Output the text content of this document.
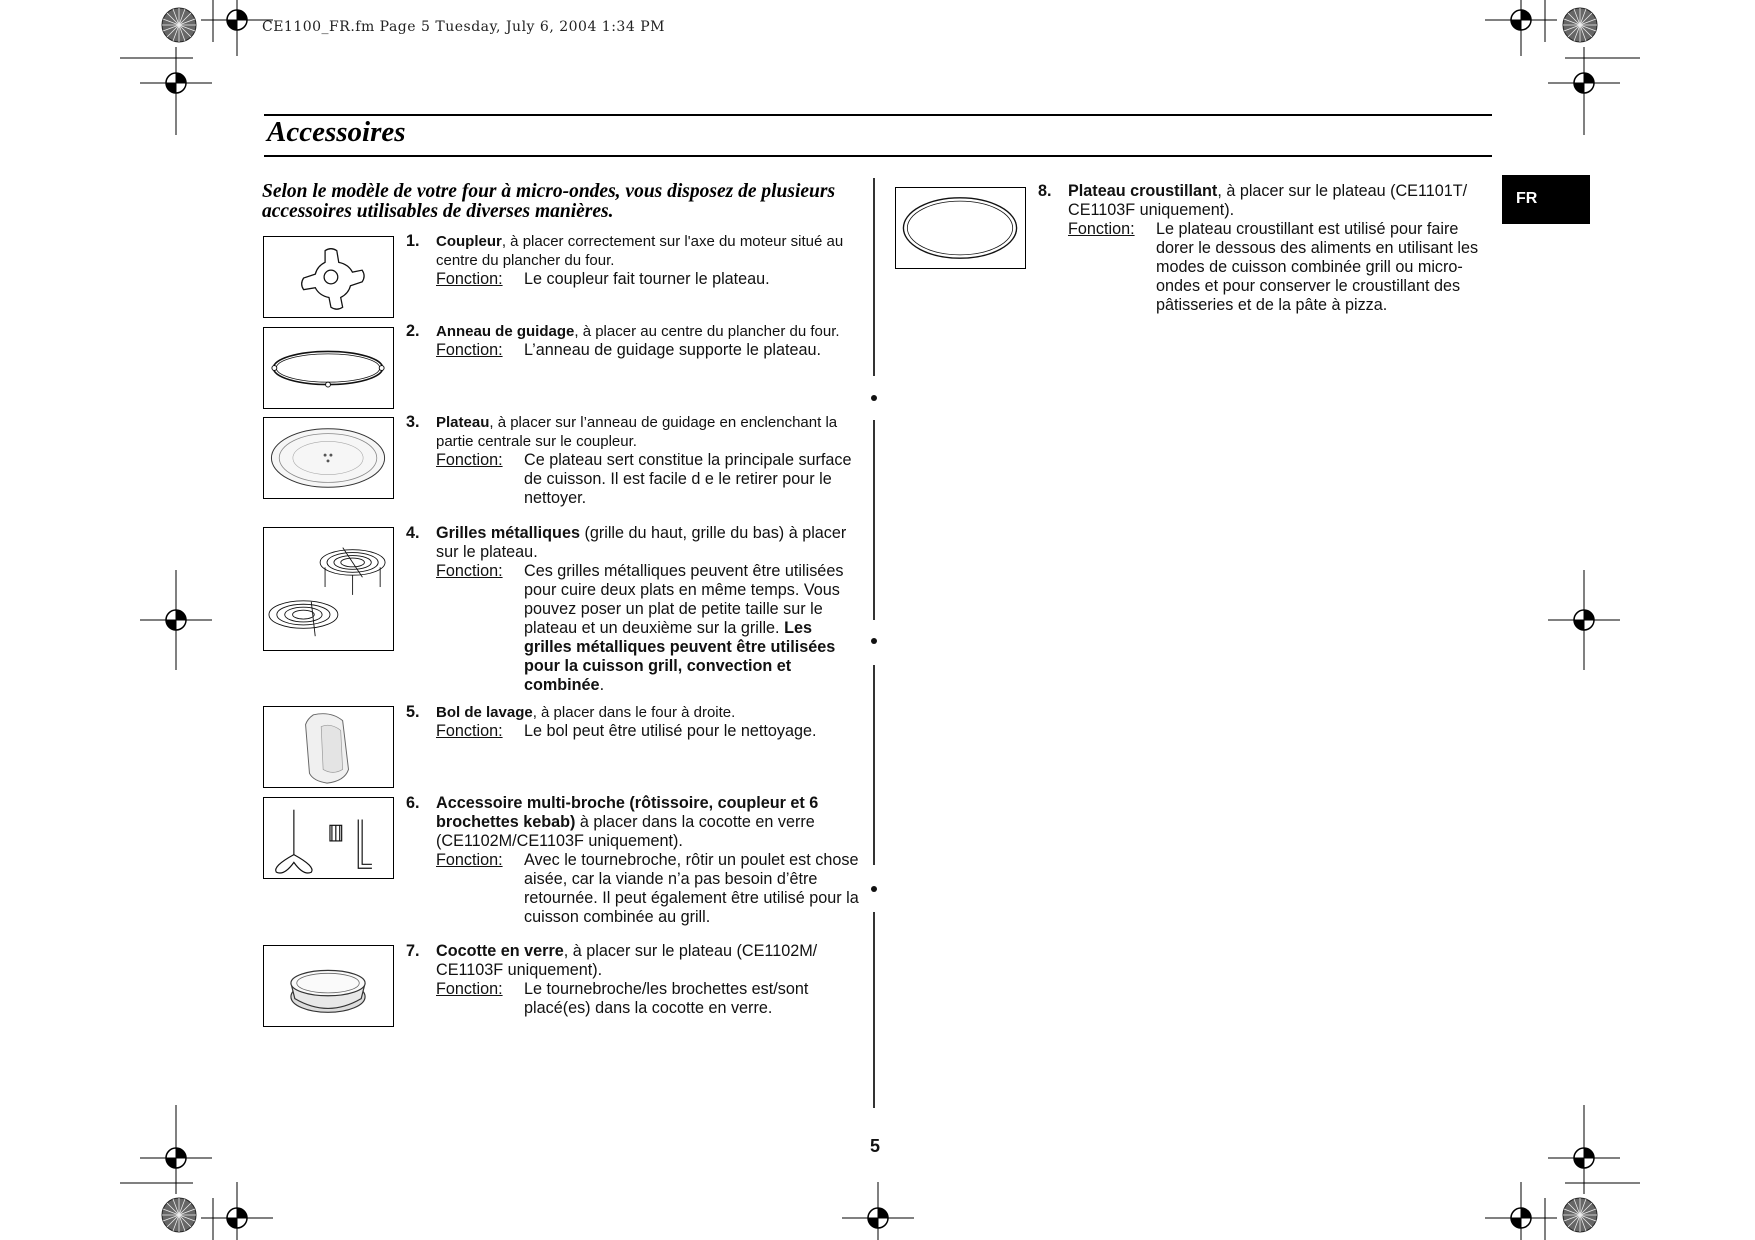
CE1100_FR.fm Page 5 Tuesday, July 6, 2004 1:34 PM
Accessoires
FR
Selon le modèle de votre four à micro-ondes, vous disposez de plusieurs accessoires utilisables de diverses manières.
1. Coupleur, à placer correctement sur l'axe du moteur situé au centre du plancher du four.
Fonction:	Le coupleur fait tourner le plateau.
2. Anneau de guidage, à placer au centre du plancher du four.
Fonction:	L’anneau de guidage supporte le plateau.
3. Plateau, à placer sur l’anneau de guidage en enclenchant la partie centrale sur le coupleur.
Fonction:	Ce plateau sert constitue la principale surface de cuisson. Il est facile d e le retirer pour le nettoyer.
4. Grilles métalliques (grille du haut, grille du bas) à placer sur le plateau.
Fonction:	Ces grilles métalliques peuvent être utilisées pour cuire deux plats en même temps. Vous pouvez poser un plat de petite taille sur le plateau et un deuxième sur la grille. Les grilles métalliques peuvent être utilisées pour la cuisson grill, convection et combinée.
5. Bol de lavage, à placer dans le four à droite.
Fonction:	Le bol peut être utilisé pour le nettoyage.
6. Accessoire multi-broche (rôtissoire, coupleur et 6 brochettes kebab) à placer dans la cocotte en verre (CE1102M/CE1103F uniquement).
Fonction:	Avec le tournebroche, rôtir un poulet est chose aisée, car la viande n’a pas besoin d’être retournée. Il peut également être utilisé pour la cuisson combinée au grill.
7. Cocotte en verre, à placer sur le plateau (CE1102M/ CE1103F uniquement).
Fonction:	Le tournebroche/les brochettes est/sont placé(es) dans la cocotte en verre.
8. Plateau croustillant, à placer sur le plateau (CE1101T/ CE1103F uniquement).
Fonction:	Le plateau croustillant est utilisé pour faire dorer le dessous des aliments en utilisant les modes de cuisson combinée grill ou micro-ondes et pour conserver le croustillant des pâtisseries et de la pâte à pizza.
5
